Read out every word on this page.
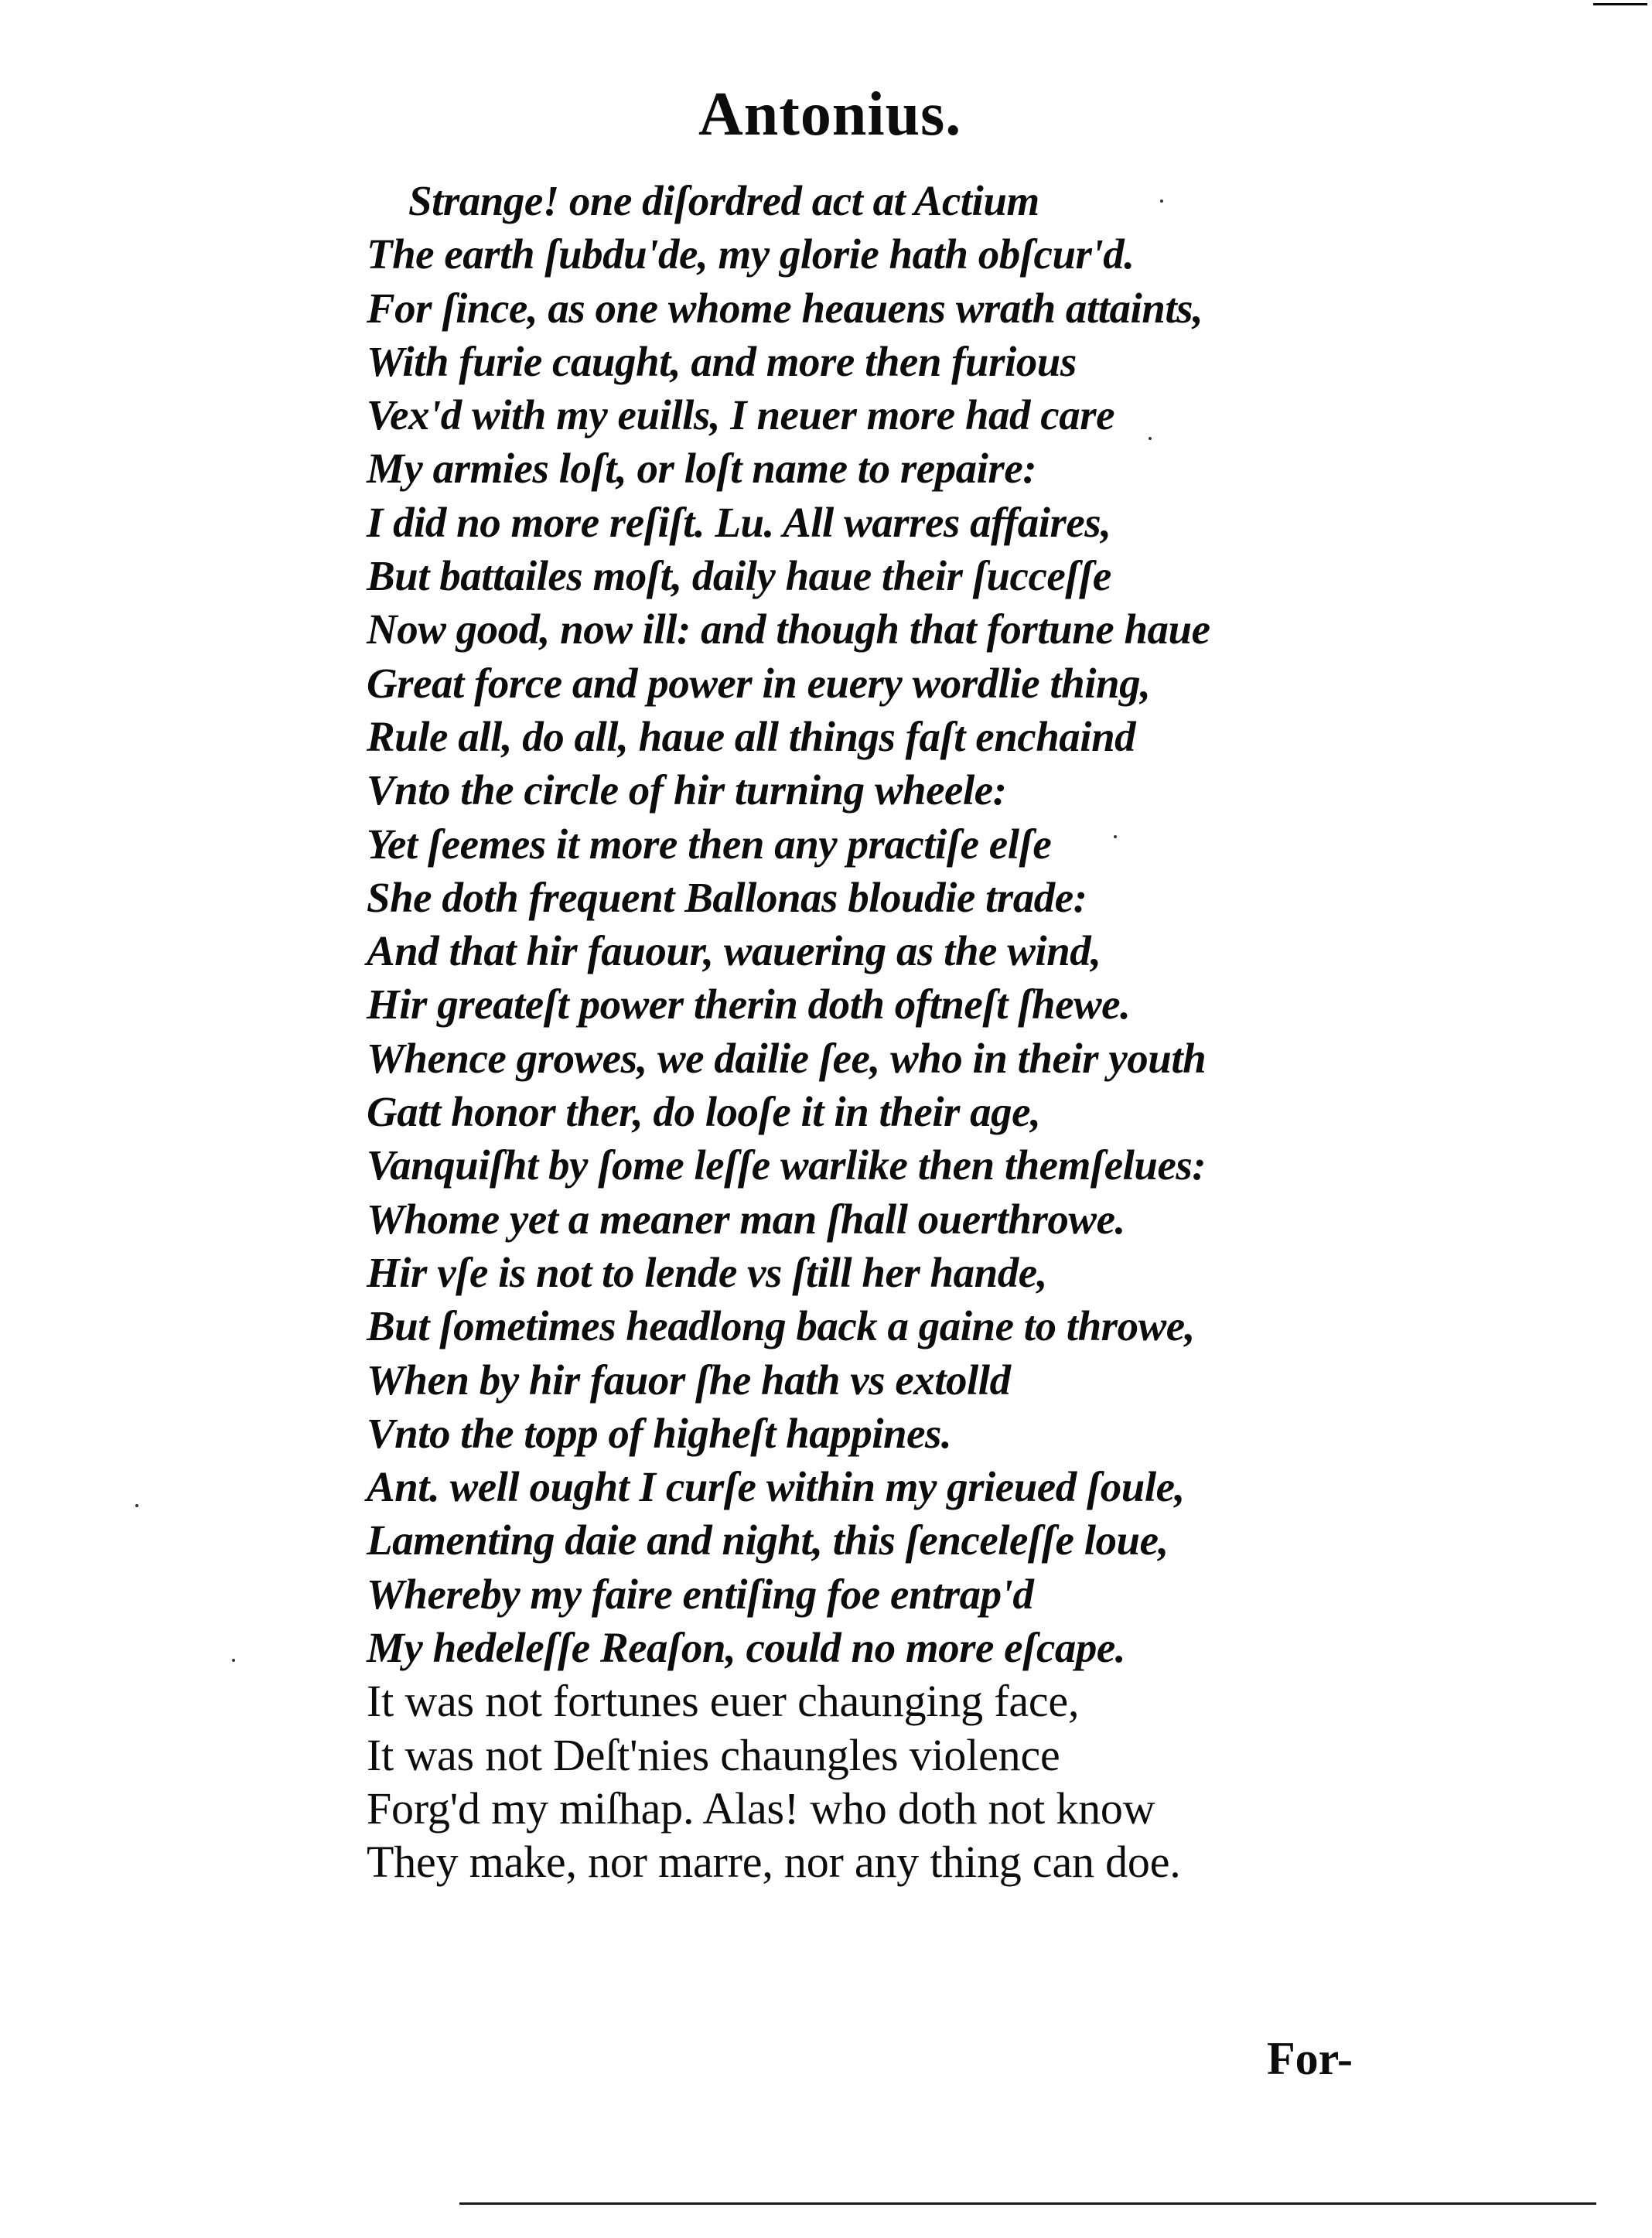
Antonius.
Strange! one diſordred act at Actium
The earth ſubdu'de, my glorie hath obſcur'd.
For ſince, as one whome heauens wrath attaints,
With furie caught, and more then furious
Vex'd with my euills, I neuer more had care
My armies loſt, or loſt name to repaire:
I did no more reſiſt. Lu. All warres affaires,
But battailes moſt, daily haue their ſucceſſe
Now good, now ill: and though that fortune haue
Great force and power in euery wordlie thing,
Rule all, do all, haue all things faſt enchaind
Vnto the circle of hir turning wheele:
Yet ſeemes it more then any practiſe elſe
She doth frequent Ballonas bloudie trade:
And that hir fauour, wauering as the wind,
Hir greateſt power therin doth oftneſt ſhewe.
Whence growes, we dailie ſee, who in their youth
Gatt honor ther, do looſe it in their age,
Vanquiſht by ſome leſſe warlike then themſelues:
Whome yet a meaner man ſhall ouerthrowe.
Hir vſe is not to lende vs ſtill her hande,
But ſometimes headlong back a gaine to throwe,
When by hir fauor ſhe hath vs extolld
Vnto the topp of higheſt happines.
Ant. well ought I curſe within my grieued ſoule,
Lamenting daie and night, this ſenceleſſe loue,
Whereby my faire entiſing foe entrap'd
My hedeleſſe Reaſon, could no more eſcape.
It was not fortunes euer chaunging face,
It was not Deſt'nies chaungles violence
Forg'd my miſhap. Alas! who doth not know
They make, nor marre, nor any thing can doe.
For-
